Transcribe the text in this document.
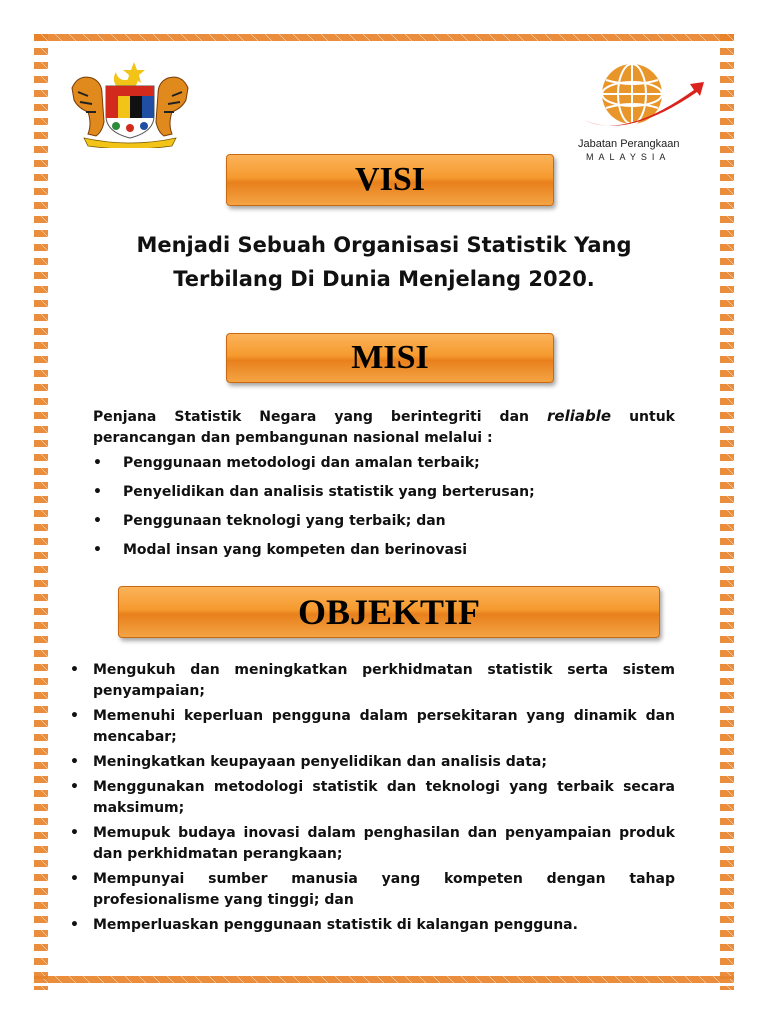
Jabatan Perangkaan
MALAYSIA
VISI
Menjadi Sebuah Organisasi Statistik Yang Terbilang Di Dunia Menjelang 2020.
MISI
Penjana Statistik Negara yang berintegriti dan reliable untuk perancangan dan pembangunan nasional melalui :
• Penggunaan metodologi dan amalan terbaik;
• Penyelidikan dan analisis statistik yang berterusan;
• Penggunaan teknologi yang terbaik; dan
• Modal insan yang kompeten dan berinovasi
OBJEKTIF
• Mengukuh dan meningkatkan perkhidmatan statistik serta sistem penyampaian;
• Memenuhi keperluan pengguna dalam persekitaran yang dinamik dan mencabar;
• Meningkatkan keupayaan penyelidikan dan analisis data;
• Menggunakan metodologi statistik dan teknologi yang terbaik secara maksimum;
• Memupuk budaya inovasi dalam penghasilan dan penyampaian produk dan perkhidmatan perangkaan;
• Mempunyai sumber manusia yang kompeten dengan tahap profesionalisme yang tinggi; dan
• Memperluaskan penggunaan statistik di kalangan pengguna.
